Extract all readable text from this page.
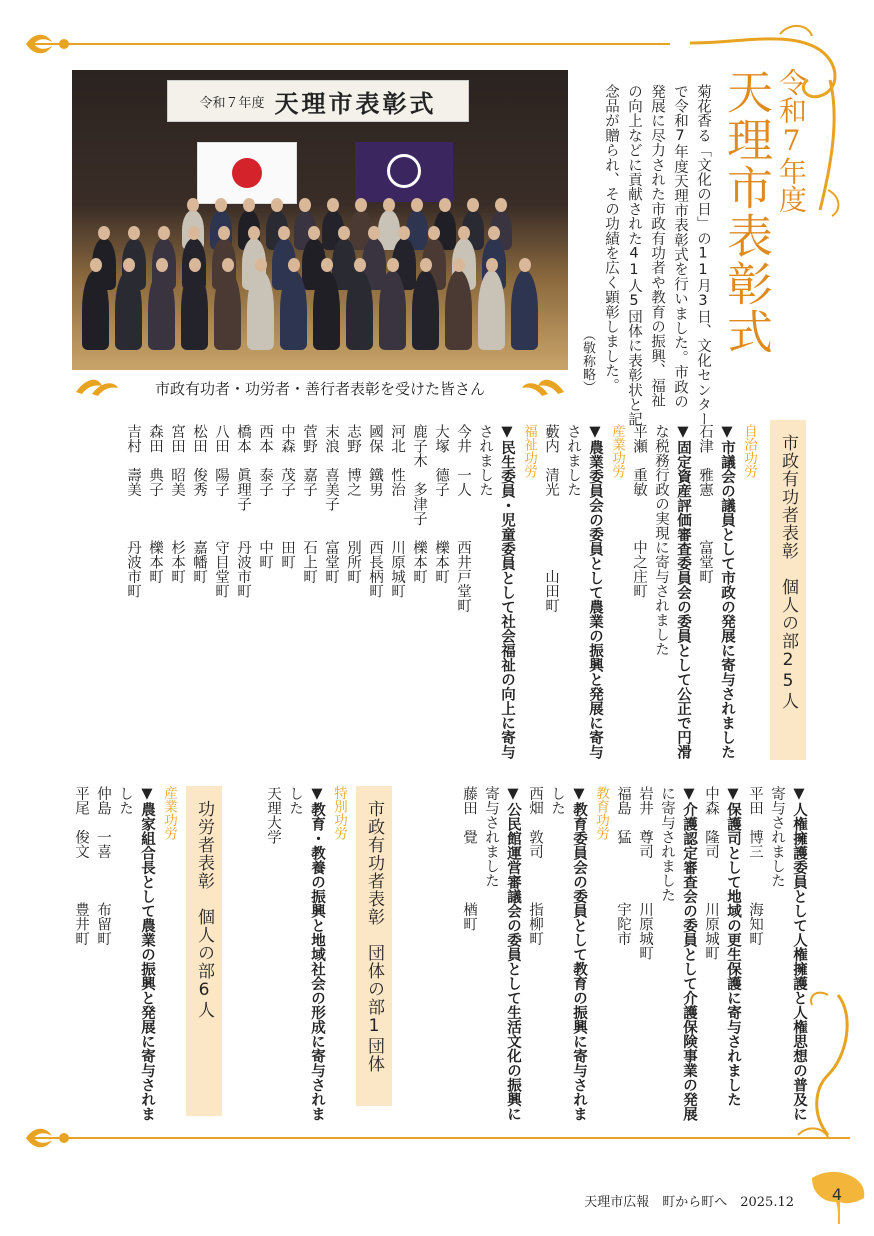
令和7年度
天理市表彰式
菊花香る「文化の日」の11月3日、文化センター
で令和7年度天理市表彰式を行いました。市政の
発展に尽力された市政有功者や教育の振興、福祉
の向上などに貢献された41人5団体に表彰状と記
念品が贈られ、その功績を広く顕彰しました。
（敬称略）
令和７年度 天理市表彰式
市政有功者・功労者・善行者表彰を受けた皆さん
市政有功者表彰　個人の部25人
自治功労
▼市議会の議員として市政の発展に寄与されました
石津　雅憲　　　富堂町
▼固定資産評価審査委員会の委員として公正で円滑
な税務行政の実現に寄与されました
平瀬　重敏　　　中之庄町
産業功労
▼農業委員会の委員として農業の振興と発展に寄与
されました
藪内　清光　　　　　山田町
福祉功労
▼民生委員・児童委員として社会福祉の向上に寄与
されました
今井　一人　　　西井戸堂町
大塚　德子　　　櫟本町
鹿子木　多津子　櫟本町
河北　性治　　　川原城町
國保　鐵男　　　西長柄町
志野　博之　　　別所町
末浪　喜美子　　富堂町
菅野　嘉子　　　石上町
中森　茂子　　　田町
西本　泰子　　　中町
橋本　眞理子　　丹波市町
八田　陽子　　　守目堂町
松田　俊秀　　　嘉幡町
宮田　昭美　　　杉本町
森田　典子　　　櫟本町
吉村　壽美　　　丹波市町
▼人権擁護委員として人権擁護と人権思想の普及に
寄与されました
平田　博三　　　海知町
▼保護司として地域の更生保護に寄与されました
中森　隆司　　　川原城町
▼介護認定審査会の委員として介護保険事業の発展
に寄与されました
岩井　尊司　　　川原城町
福島　猛　　　　宇陀市
教育功労
▼教育委員会の委員として教育の振興に寄与されま
した
西畑　敦司　　　指柳町
▼公民館運営審議会の委員として生活文化の振興に
寄与されました
藤田　覺　　　　楢町
市政有功者表彰　団体の部1団体
特別功労
▼教育・教養の振興と地域社会の形成に寄与されま
した
天理大学
功労者表彰　個人の部6人
産業功労
▼農家組合長として農業の振興と発展に寄与されま
した
仲島　一喜　　　布留町
平尾　俊文　　　豊井町
天理市広報　町から町へ　2025.12	4
